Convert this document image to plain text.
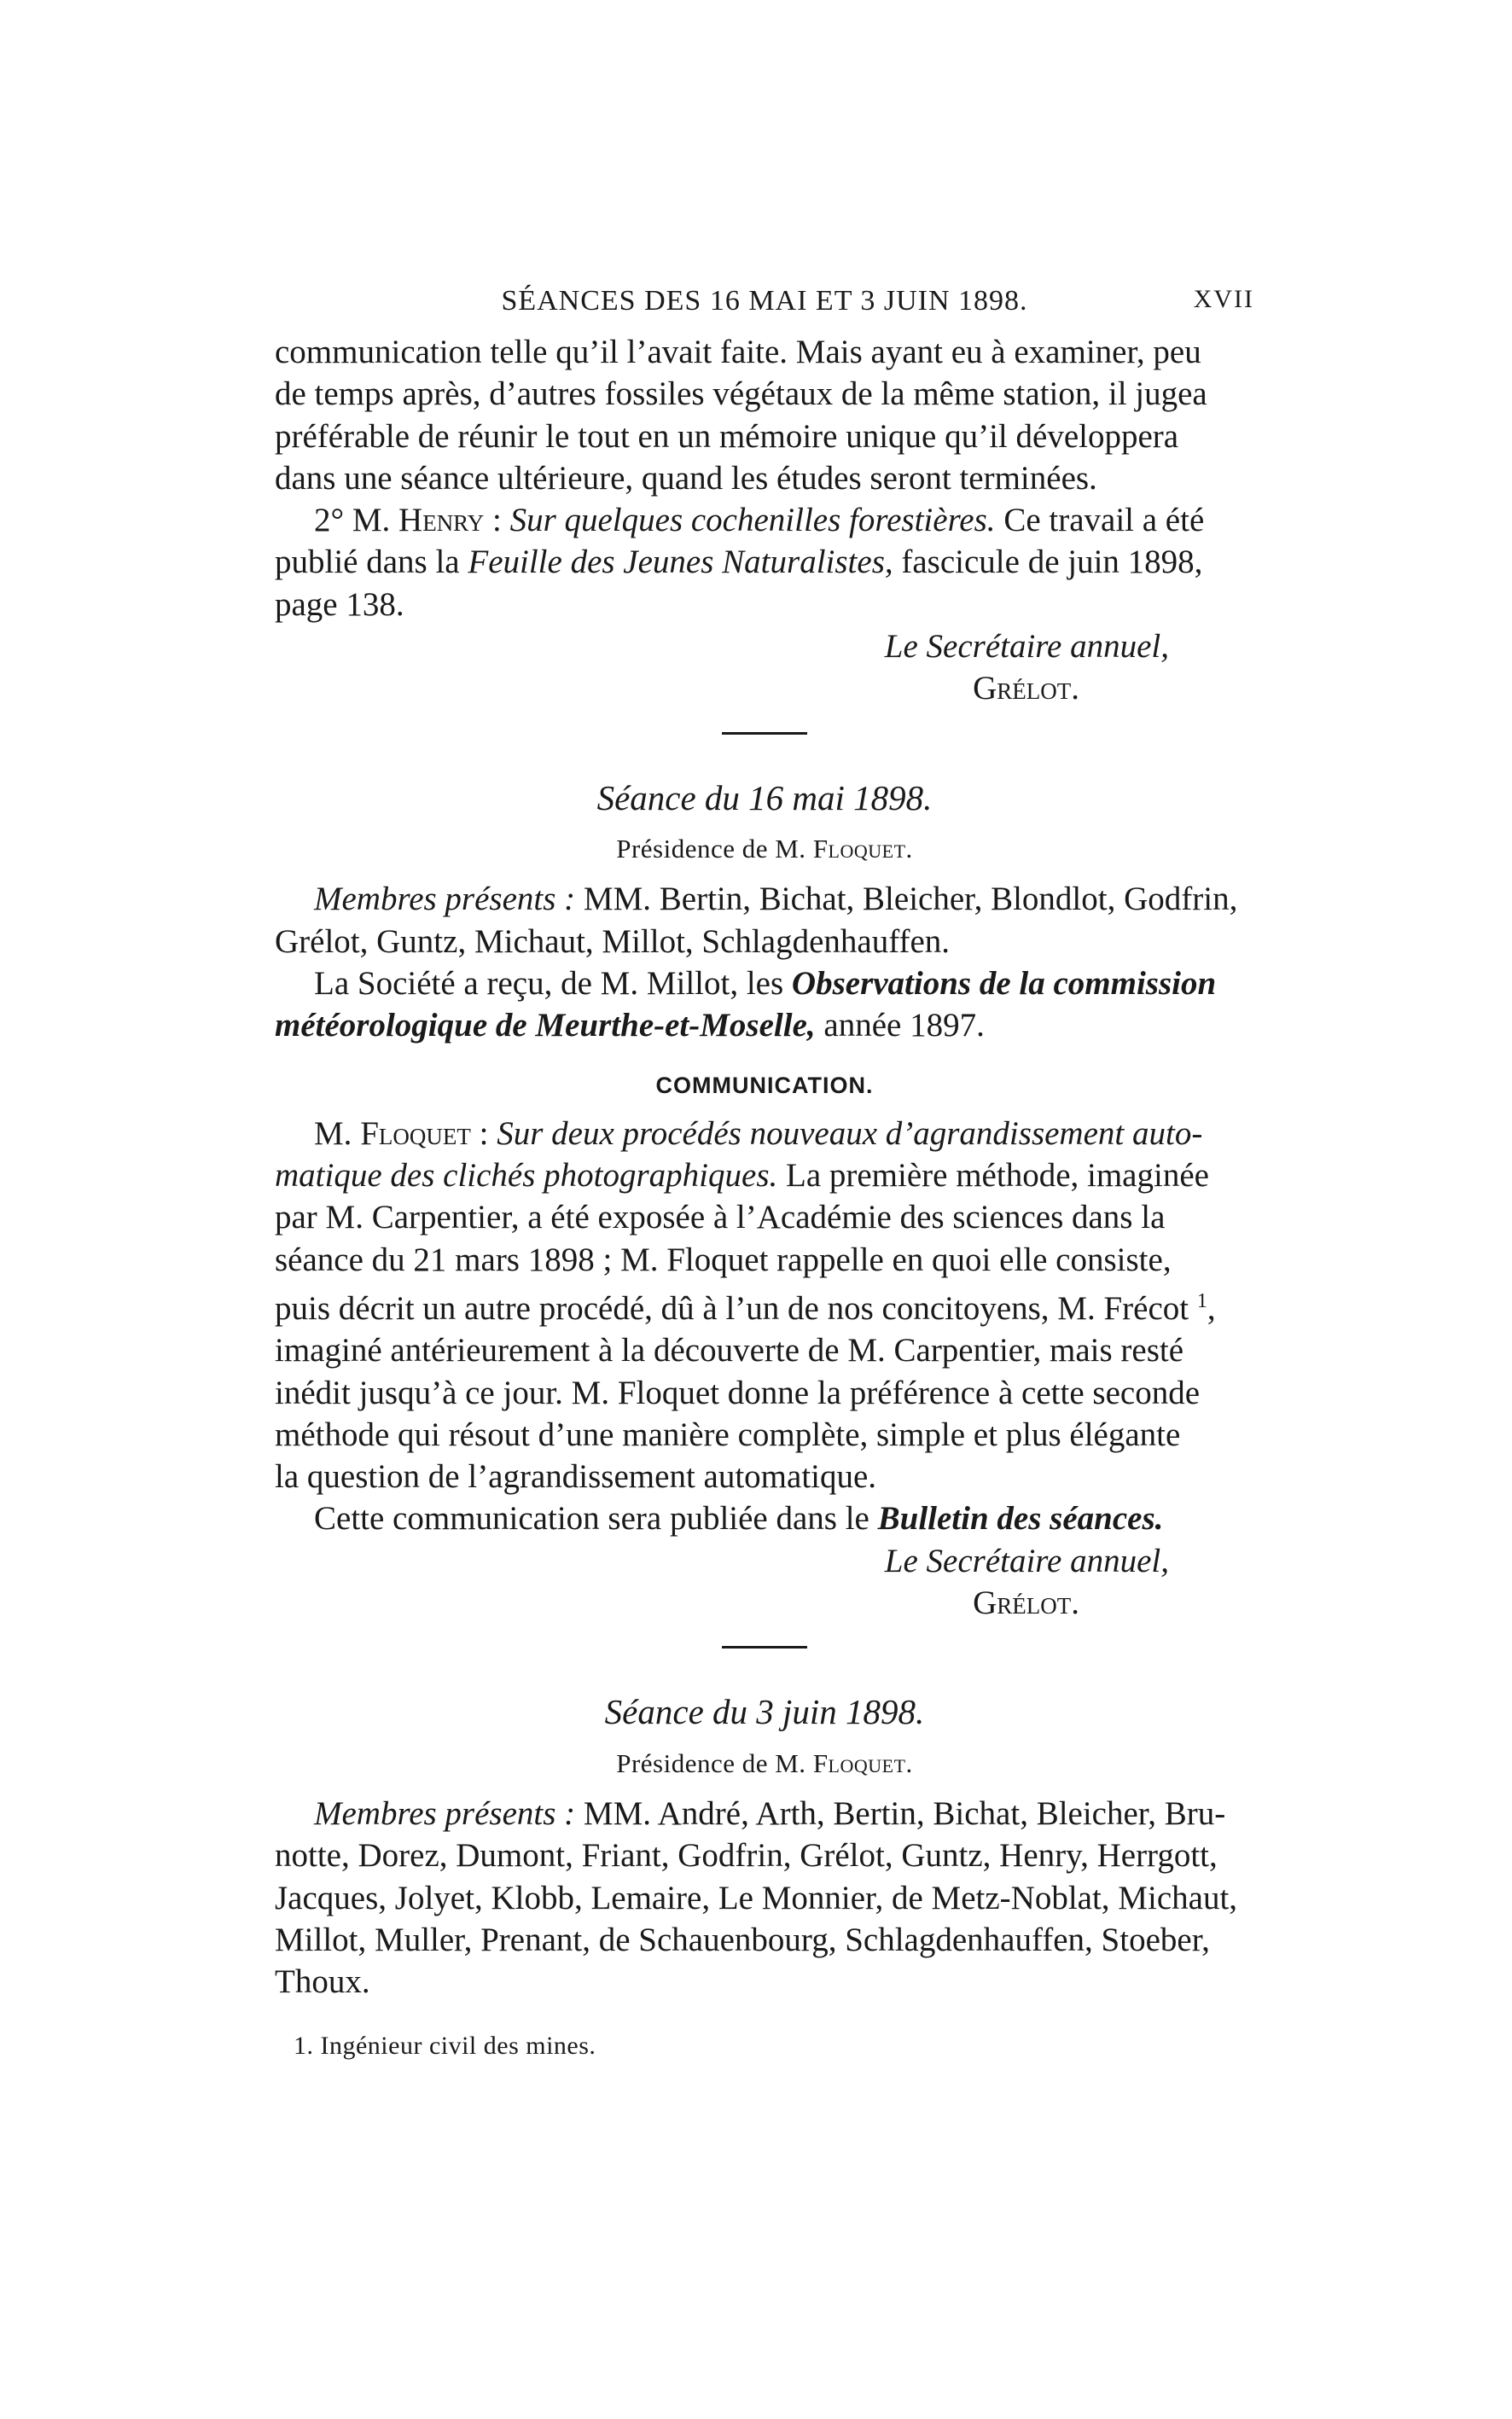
SÉANCES DES 16 MAI ET 3 JUIN 1898.	XVII

communication telle qu’il l’avait faite. Mais ayant eu à examiner, peu

de temps après, d’autres fossiles végétaux de la même station, il jugea

préférable de réunir le tout en un mémoire unique qu’il développera

dans une séance ultérieure, quand les études seront terminées.

2° M. Henry : Sur quelques cochenilles forestières. Ce travail a été

publié dans la Feuille des Jeunes Naturalistes, fascicule de juin 1898,

page 138.

Le Secrétaire annuel,

Grélot.

Séance du 16 mai 1898.

Présidence de M. Floquet.

Membres présents : MM. Bertin, Bichat, Bleicher, Blondlot, Godfrin,

Grélot, Guntz, Michaut, Millot, Schlagdenhauffen.

La Société a reçu, de M. Millot, les Observations de la commission

météorologique de Meurthe-et-Moselle, année 1897.

COMMUNICATION.

M. Floquet : Sur deux procédés nouveaux d’agrandissement auto-

matique des clichés photographiques. La première méthode, imaginée

par M. Carpentier, a été exposée à l’Académie des sciences dans la

séance du 21 mars 1898 ; M. Floquet rappelle en quoi elle consiste,

puis décrit un autre procédé, dû à l’un de nos concitoyens, M. Frécot $^1$,

imaginé antérieurement à la découverte de M. Carpentier, mais resté

inédit jusqu’à ce jour. M. Floquet donne la préférence à cette seconde

méthode qui résout d’une manière complète, simple et plus élégante

la question de l’agrandissement automatique.

Cette communication sera publiée dans le Bulletin des séances.

Le Secrétaire annuel,

Grélot.

Séance du 3 juin 1898.

Présidence de M. Floquet.

Membres présents : MM. André, Arth, Bertin, Bichat, Bleicher, Bru-

notte, Dorez, Dumont, Friant, Godfrin, Grélot, Guntz, Henry, Herrgott,

Jacques, Jolyet, Klobb, Lemaire, Le Monnier, de Metz-Noblat, Michaut,

Millot, Muller, Prenant, de Schauenbourg, Schlagdenhauffen, Stoeber,

Thoux.

1. Ingénieur civil des mines.
